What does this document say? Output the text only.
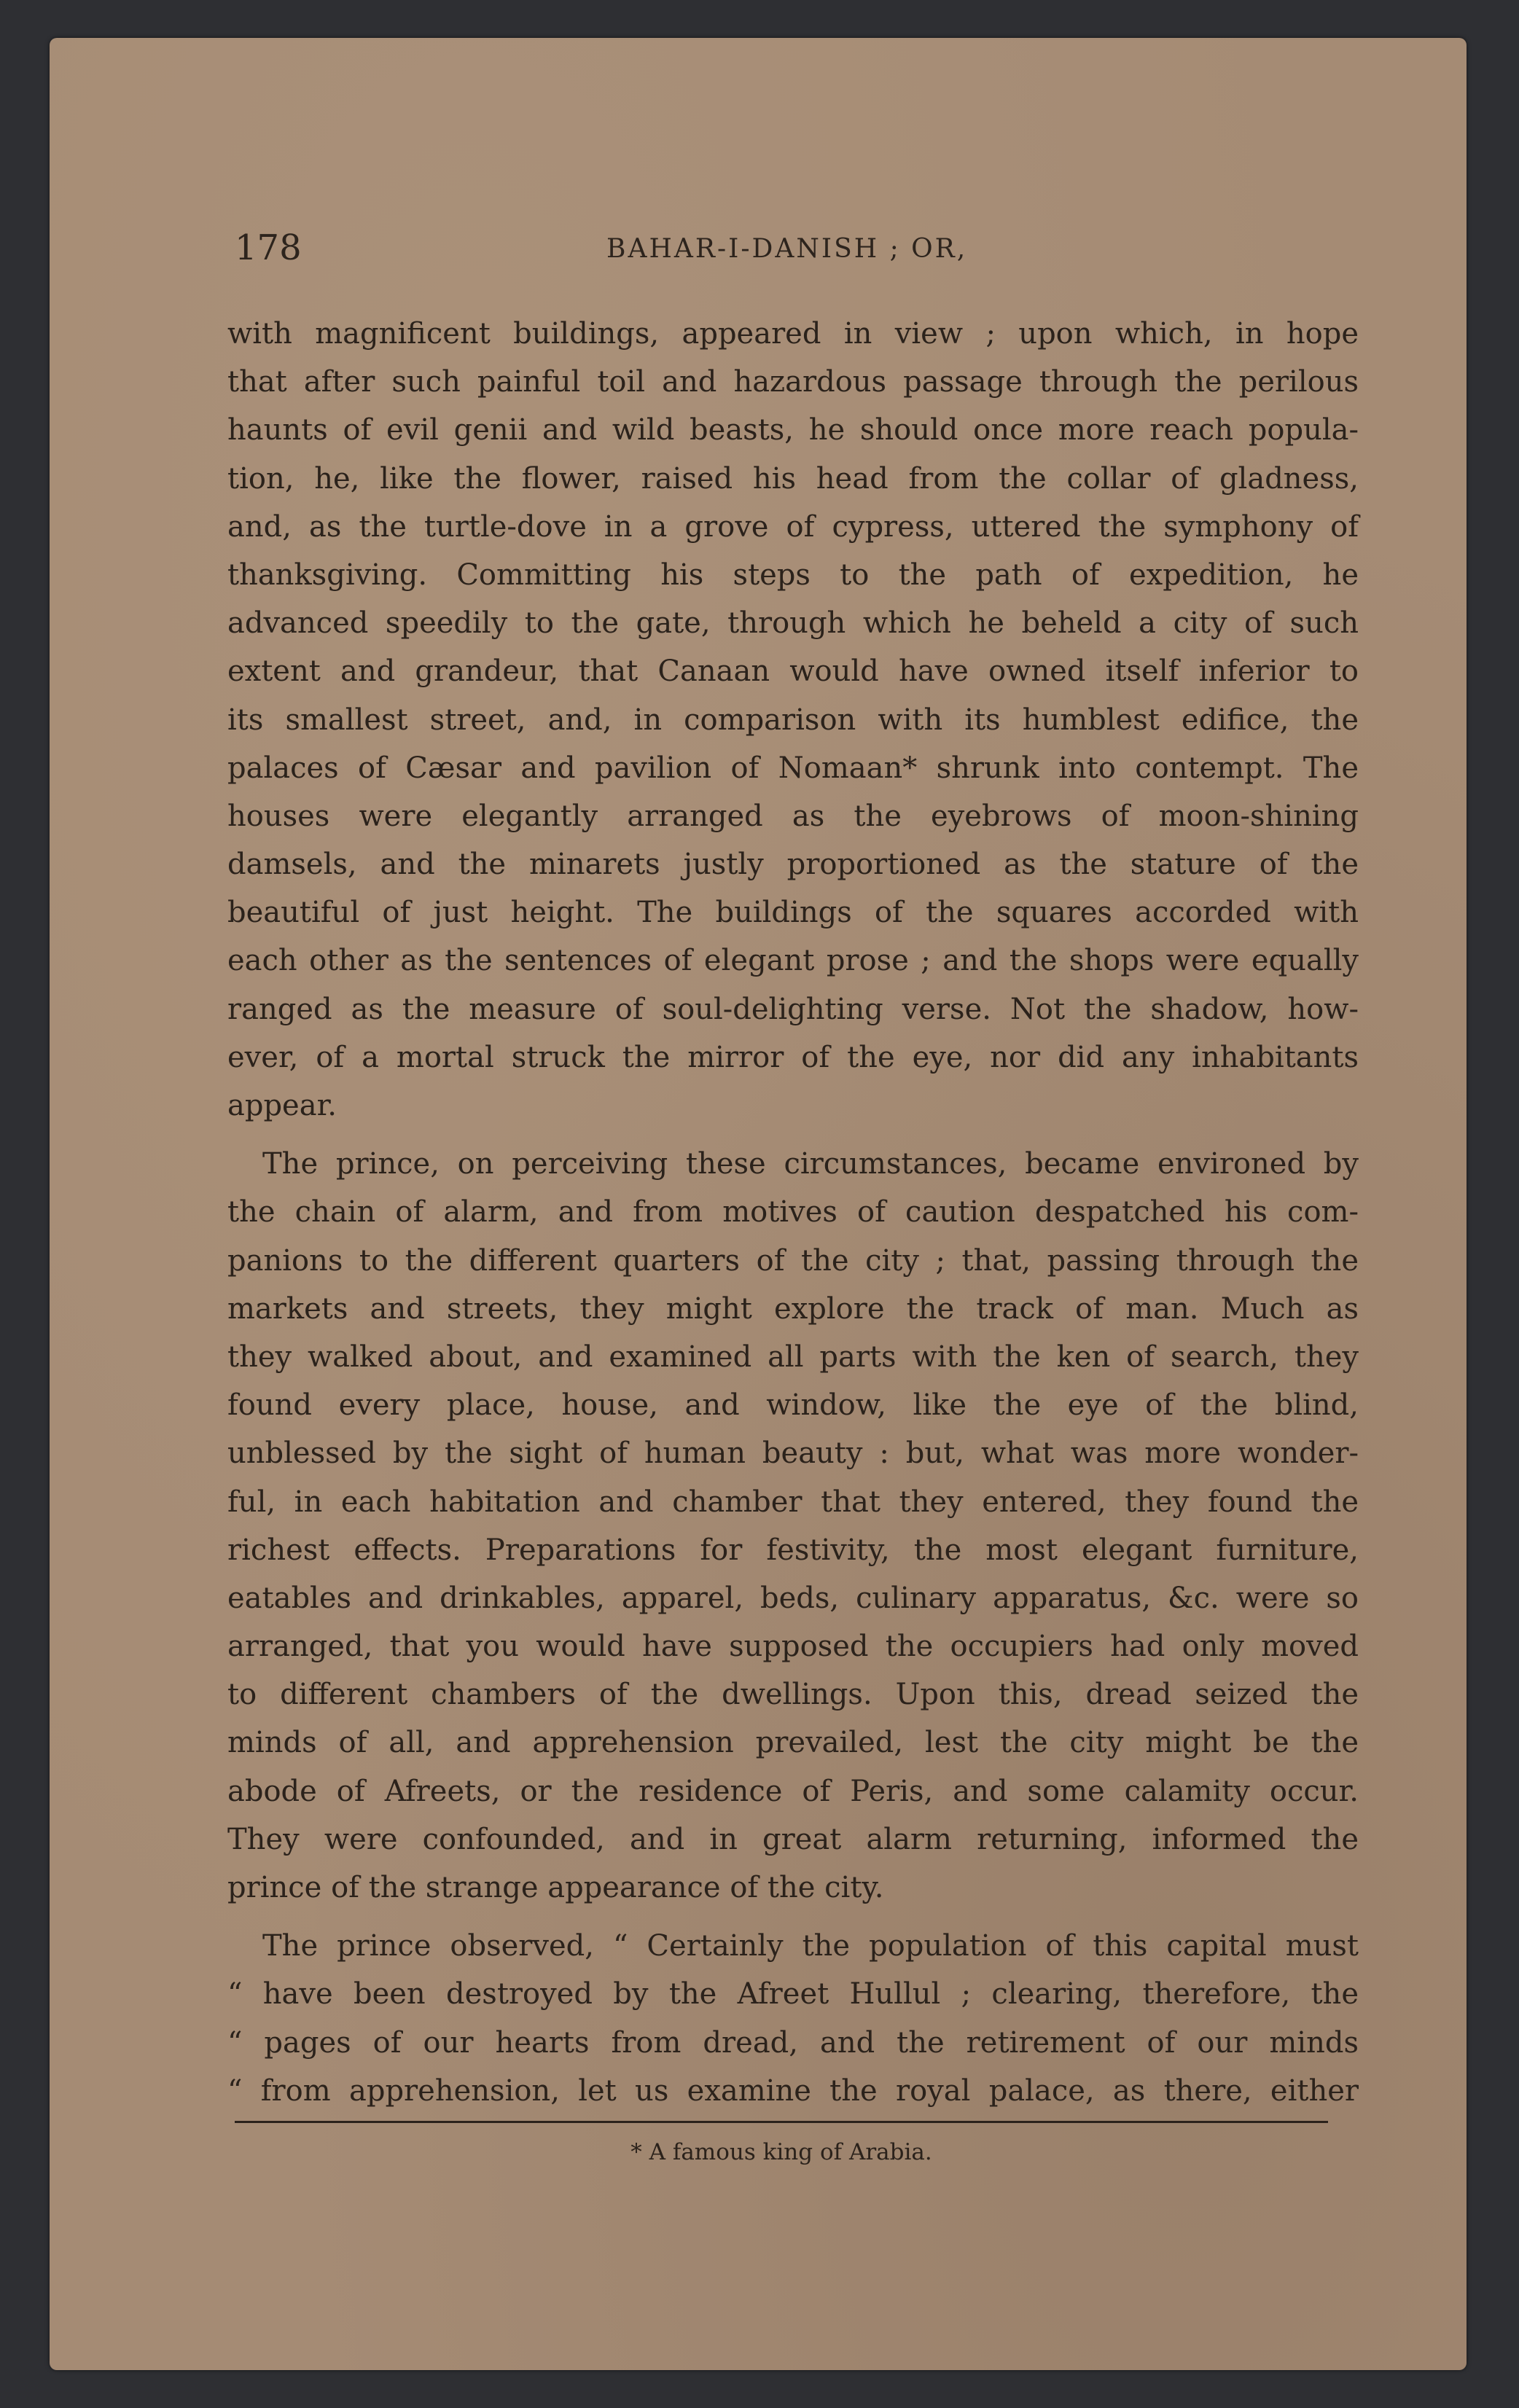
178	BAHAR-I-DANISH ; OR,
with magnificent buildings, appeared in view ; upon which, in hope
that after such painful toil and hazardous passage through the perilous
haunts of evil genii and wild beasts, he should once more reach popula-
tion, he, like the flower, raised his head from the collar of gladness,
and, as the turtle-dove in a grove of cypress, uttered the symphony of
thanksgiving. Committing his steps to the path of expedition, he
advanced speedily to the gate, through which he beheld a city of such
extent and grandeur, that Canaan would have owned itself inferior to
its smallest street, and, in comparison with its humblest edifice, the
palaces of Cæsar and pavilion of Nomaan* shrunk into contempt. The
houses were elegantly arranged as the eyebrows of moon-shining
damsels, and the minarets justly proportioned as the stature of the
beautiful of just height. The buildings of the squares accorded with
each other as the sentences of elegant prose ; and the shops were equally
ranged as the measure of soul-delighting verse. Not the shadow, how-
ever, of a mortal struck the mirror of the eye, nor did any inhabitants
appear.
The prince, on perceiving these circumstances, became environed by
the chain of alarm, and from motives of caution despatched his com-
panions to the different quarters of the city ; that, passing through the
markets and streets, they might explore the track of man. Much as
they walked about, and examined all parts with the ken of search, they
found every place, house, and window, like the eye of the blind,
unblessed by the sight of human beauty : but, what was more wonder-
ful, in each habitation and chamber that they entered, they found the
richest effects. Preparations for festivity, the most elegant furniture,
eatables and drinkables, apparel, beds, culinary apparatus, &c. were so
arranged, that you would have supposed the occupiers had only moved
to different chambers of the dwellings. Upon this, dread seized the
minds of all, and apprehension prevailed, lest the city might be the
abode of Afreets, or the residence of Peris, and some calamity occur.
They were confounded, and in great alarm returning, informed the
prince of the strange appearance of the city.
The prince observed, “ Certainly the population of this capital must
“ have been destroyed by the Afreet Hullul ; clearing, therefore, the
“ pages of our hearts from dread, and the retirement of our minds
“ from apprehension, let us examine the royal palace, as there, either
* A famous king of Arabia.
